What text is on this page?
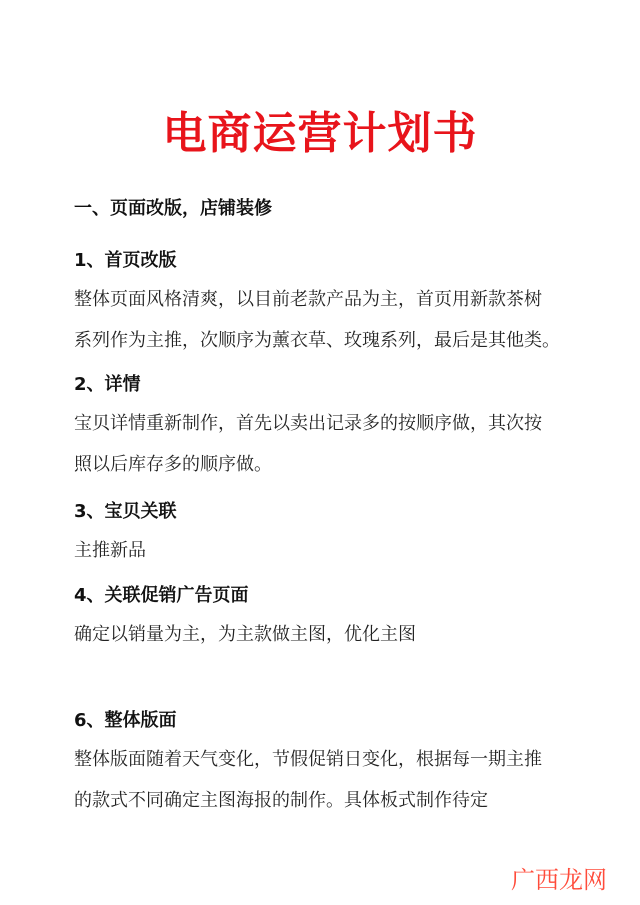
电商运营计划书
一、页面改版，店铺装修
1、首页改版
整体页面风格清爽，以目前老款产品为主，首页用新款茶树
系列作为主推，次顺序为薰衣草、玫瑰系列，最后是其他类。
2、详情
宝贝详情重新制作，首先以卖出记录多的按顺序做，其次按
照以后库存多的顺序做。
3、宝贝关联
主推新品
4、关联促销广告页面
确定以销量为主，为主款做主图，优化主图
6、整体版面
整体版面随着天气变化，节假促销日变化，根据每一期主推
的款式不同确定主图海报的制作。具体板式制作待定
广西龙网
